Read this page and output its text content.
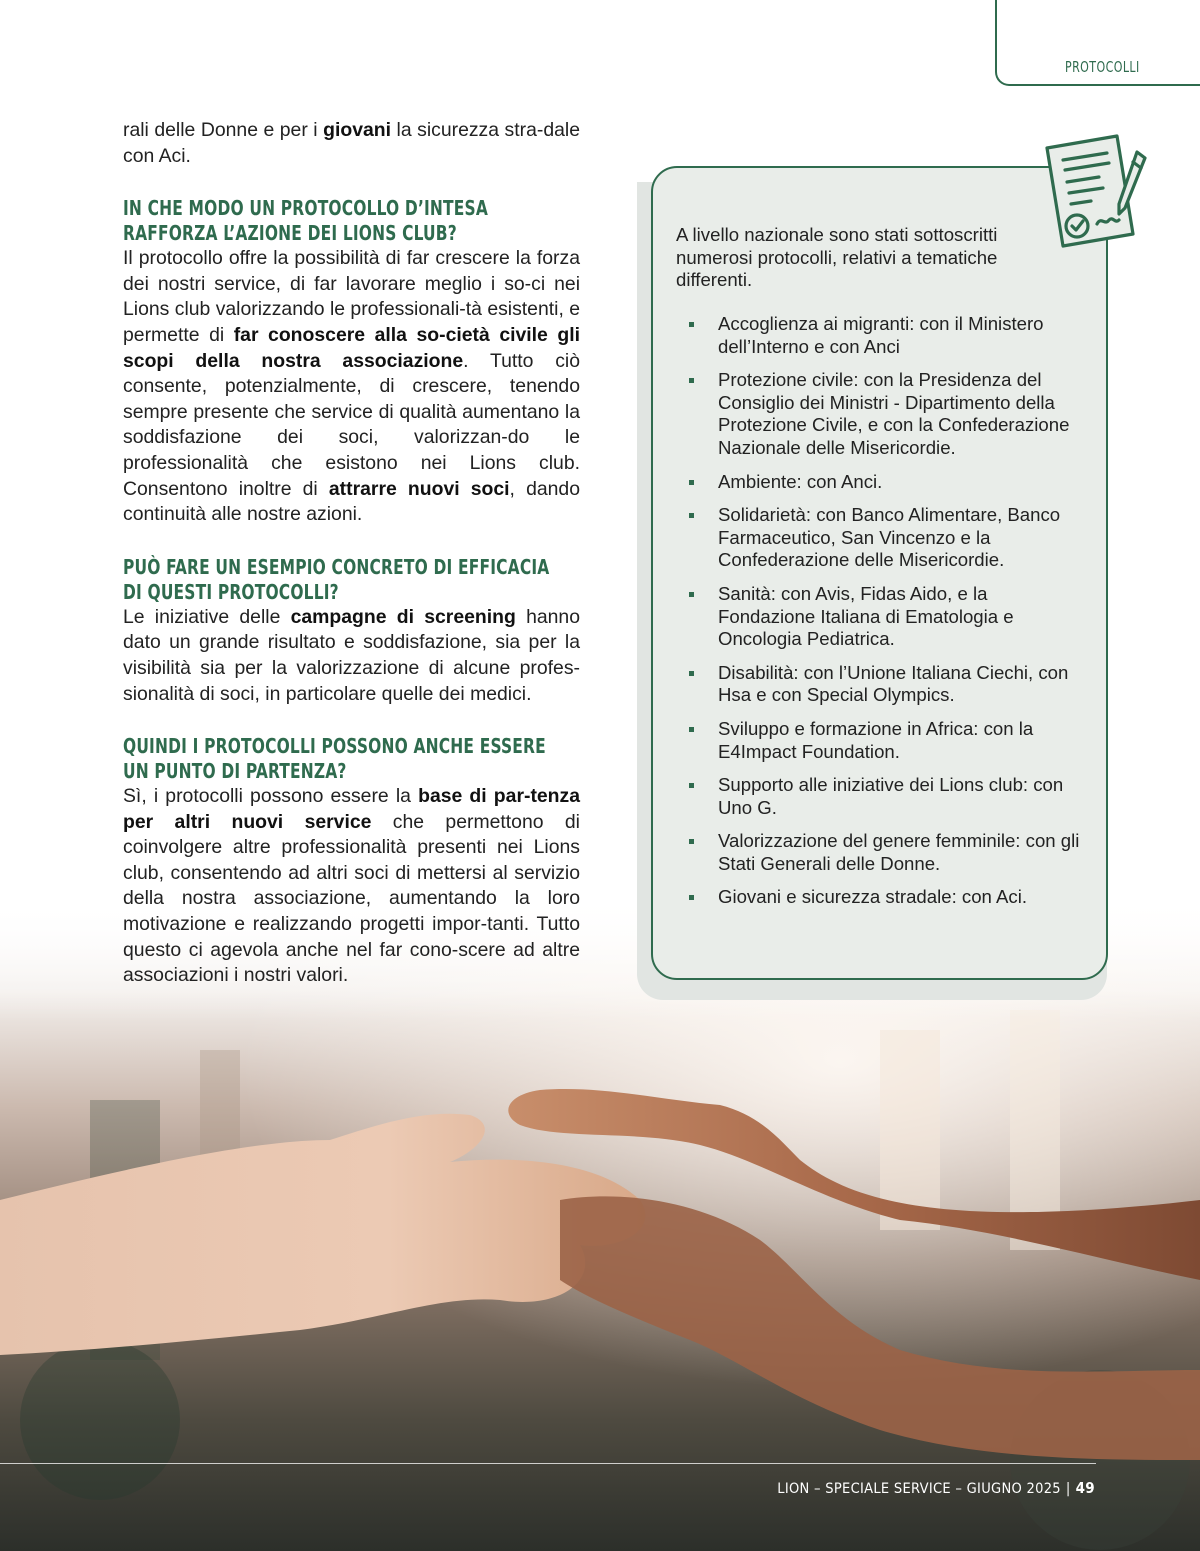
PROTOCOLLI

rali delle Donne e per i giovani la sicurezza stra-dale con Aci.

IN CHE MODO UN PROTOCOLLO D’INTESA RAFFORZA L’AZIONE DEI LIONS CLUB?

Il protocollo offre la possibilità di far crescere la forza dei nostri service, di far lavorare meglio i so-ci nei Lions club valorizzando le professionali-tà esistenti, e permette di far conoscere alla so-cietà civile gli scopi della nostra associazione. Tutto ciò consente, potenzialmente, di crescere, tenendo sempre presente che service di qualità aumentano la soddisfazione dei soci, valorizzan-do le professionalità che esistono nei Lions club. Consentono inoltre di attrarre nuovi soci, dando continuità alle nostre azioni.

PUÒ FARE UN ESEMPIO CONCRETO DI EFFICACIA DI QUESTI PROTOCOLLI?

Le iniziative delle campagne di screening hanno dato un grande risultato e soddisfazione, sia per la visibilità sia per la valorizzazione di alcune profes-sionalità di soci, in particolare quelle dei medici.

QUINDI I PROTOCOLLI POSSONO ANCHE ESSERE UN PUNTO DI PARTENZA?

Sì, i protocolli possono essere la base di par-tenza per altri nuovi service che permettono di coinvolgere altre professionalità presenti nei Lions club, consentendo ad altri soci di mettersi al servizio della nostra associazione, aumentando la loro motivazione e realizzando progetti impor-tanti. Tutto questo ci agevola anche nel far cono-scere ad altre associazioni i nostri valori.

A livello nazionale sono stati sottoscritti numerosi protocolli, relativi a tematiche differenti.
Accoglienza ai migranti: con il Ministero dell’Interno e con Anci
Protezione civile: con la Presidenza del Consiglio dei Ministri - Dipartimento della Protezione Civile, e con la Confederazione Nazionale delle Misericordie.
Ambiente: con Anci.
Solidarietà: con Banco Alimentare, Banco Farmaceutico, San Vincenzo e la Confederazione delle Misericordie.
Sanità: con Avis, Fidas Aido, e la Fondazione Italiana di Ematologia e Oncologia Pediatrica.
Disabilità: con l’Unione Italiana Ciechi, con Hsa e con Special Olympics.
Sviluppo e formazione in Africa: con la E4Impact Foundation.
Supporto alle iniziative dei Lions club: con Uno G.
Valorizzazione del genere femminile: con gli Stati Generali delle Donne.
Giovani e sicurezza stradale: con Aci.
LION – SPECIALE SERVICE – GIUGNO 2025 | 49
